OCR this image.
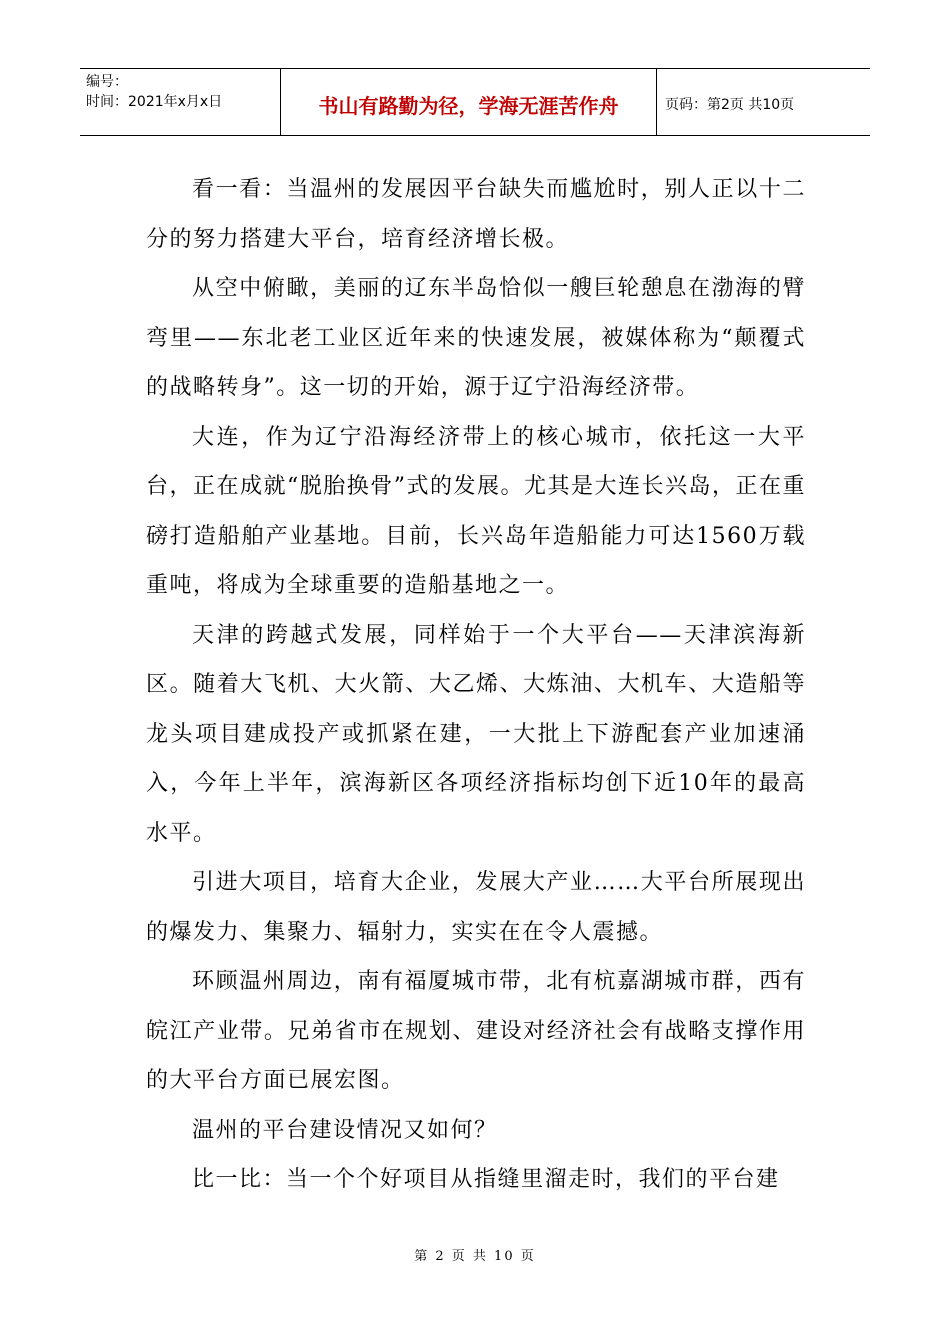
编号：
时间：2021年x月x日	书山有路勤为径，学海无涯苦作舟	页码：第2页 共10页

看一看：当温州的发展因平台缺失而尴尬时，别人正以十二分的努力搭建大平台，培育经济增长极。

从空中俯瞰，美丽的辽东半岛恰似一艘巨轮憩息在渤海的臂弯里——东北老工业区近年来的快速发展，被媒体称为“颠覆式的战略转身”。这一切的开始，源于辽宁沿海经济带。

大连，作为辽宁沿海经济带上的核心城市，依托这一大平台，正在成就“脱胎换骨”式的发展。尤其是大连长兴岛，正在重磅打造船舶产业基地。目前，长兴岛年造船能力可达1560万载重吨，将成为全球重要的造船基地之一。

天津的跨越式发展，同样始于一个大平台——天津滨海新区。随着大飞机、大火箭、大乙烯、大炼油、大机车、大造船等龙头项目建成投产或抓紧在建，一大批上下游配套产业加速涌入，今年上半年，滨海新区各项经济指标均创下近10年的最高水平。

引进大项目，培育大企业，发展大产业……大平台所展现出的爆发力、集聚力、辐射力，实实在在令人震撼。

环顾温州周边，南有福厦城市带，北有杭嘉湖城市群，西有皖江产业带。兄弟省市在规划、建设对经济社会有战略支撑作用的大平台方面已展宏图。

温州的平台建设情况又如何？

比一比：当一个个好项目从指缝里溜走时，我们的平台建

第 2 页 共 10 页
